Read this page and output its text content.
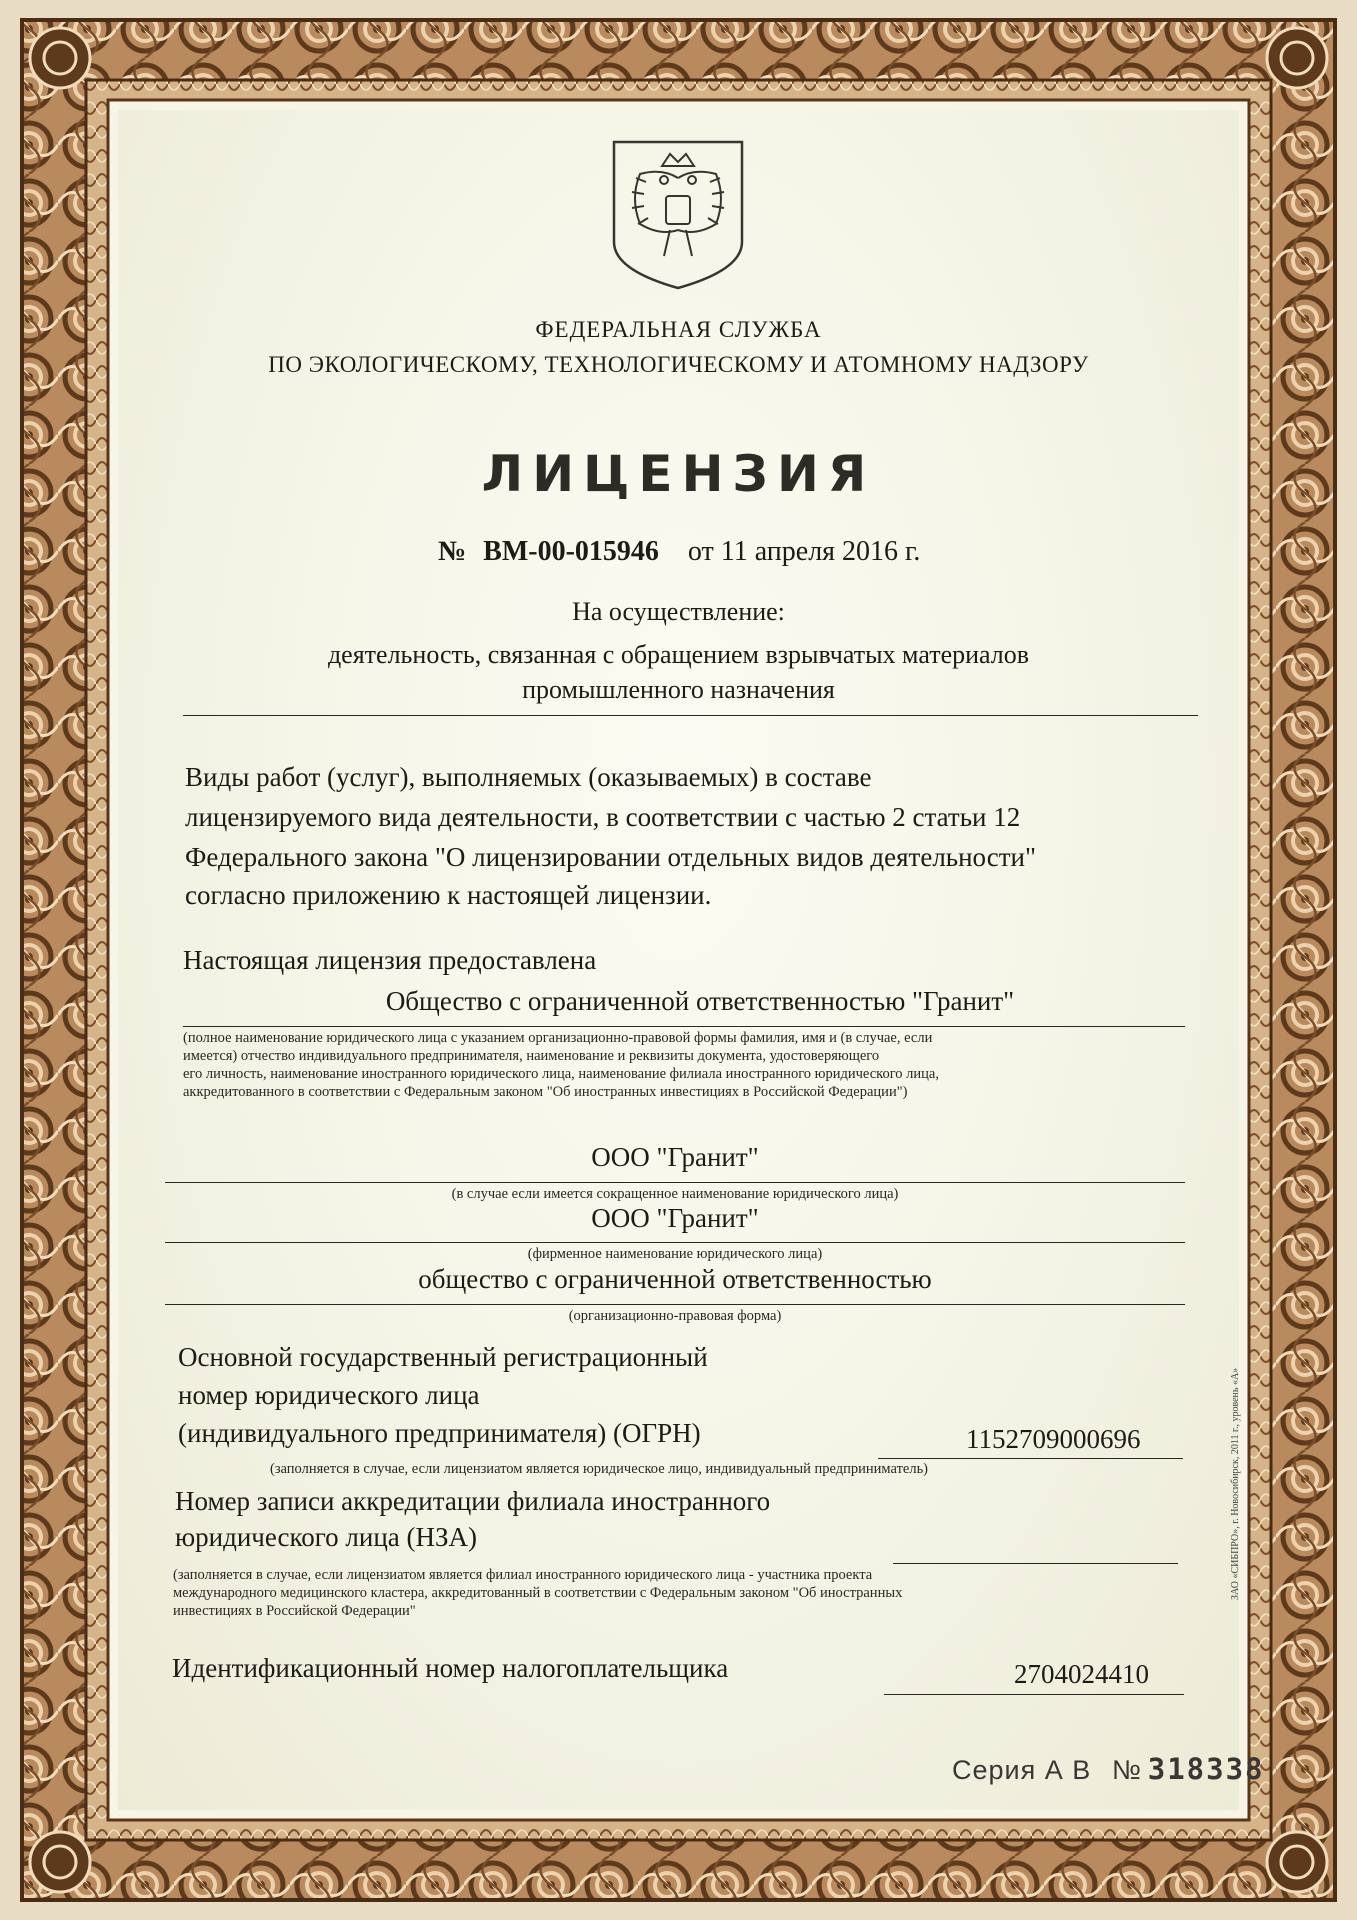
ФЕДЕРАЛЬНАЯ СЛУЖБА
ПО ЭКОЛОГИЧЕСКОМУ, ТЕХНОЛОГИЧЕСКОМУ И АТОМНОМУ НАДЗОРУ
ЛИЦЕНЗИЯ
№ ВМ-00-015946 от 11 апреля 2016 г.
На осуществление:
деятельность, связанная с обращением взрывчатых материалов
промышленного назначения
Виды работ (услуг), выполняемых (оказываемых) в составе
лицензируемого вида деятельности, в соответствии с частью 2 статьи 12
Федерального закона "О лицензировании отдельных видов деятельности"
согласно приложению к настоящей лицензии.
Настоящая лицензия предоставлена
Общество с ограниченной ответственностью "Гранит"
(полное наименование юридического лица с указанием организационно-правовой формы фамилия, имя и (в случае, если
имеется) отчество индивидуального предпринимателя, наименование и реквизиты документа, удостоверяющего
его личность, наименование иностранного юридического лица, наименование филиала иностранного юридического лица,
аккредитованного в соответствии с Федеральным законом "Об иностранных инвестициях в Российской Федерации")
ООО "Гранит"
(в случае если имеется сокращенное наименование юридического лица)
ООО "Гранит"
(фирменное наименование юридического лица)
общество с ограниченной ответственностью
(организационно-правовая форма)
Основной государственный регистрационный
номер юридического лица
(индивидуального предпринимателя) (ОГРН)	1152709000696
(заполняется в случае, если лицензиатом является юридическое лицо, индивидуальный предприниматель)
Номер записи аккредитации филиала иностранного
юридического лица (НЗА)
(заполняется в случае, если лицензиатом является филиал иностранного юридического лица - участника проекта
международного медицинского кластера, аккредитованный в соответствии с Федеральным законом "Об иностранных
инвестициях в Российской Федерации"
Идентификационный номер налогоплательщика	2704024410
Серия А В № 318338
ЗАО «СИБПРО», г. Новосибирск, 2011 г., уровень «А»
